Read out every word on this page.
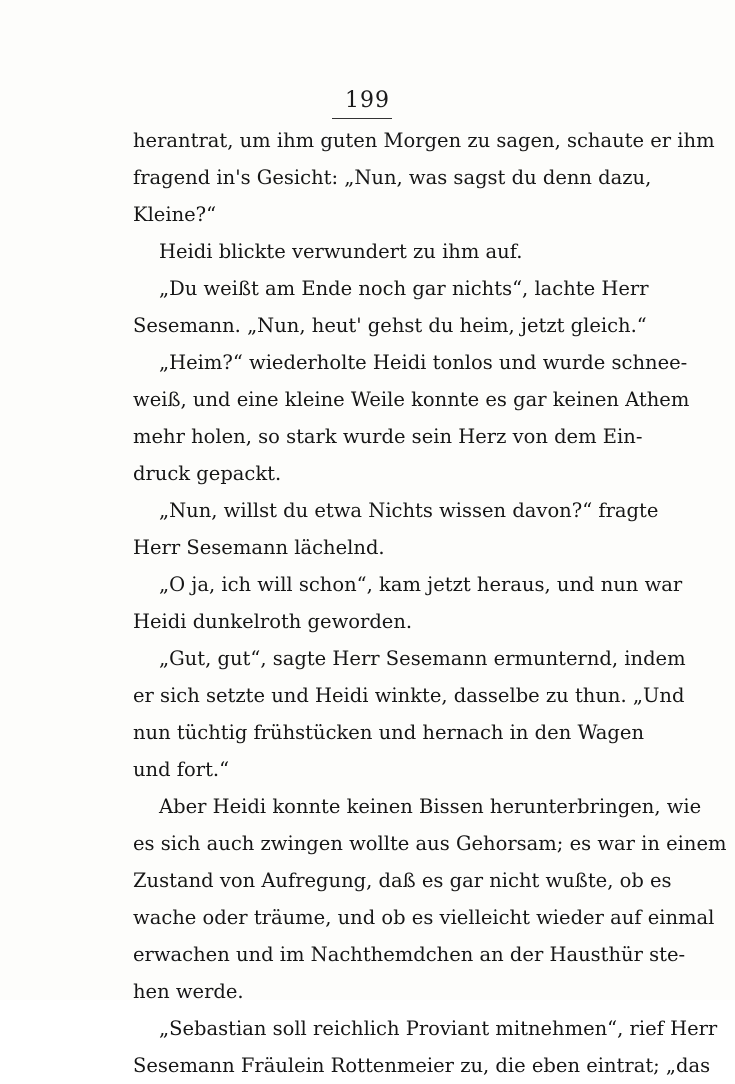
199
herantrat, um ihm guten Morgen zu sagen, schaute er ihm
fragend in's Gesicht: „Nun, was sagst du denn dazu,
Kleine?“
Heidi blickte verwundert zu ihm auf.
„Du weißt am Ende noch gar nichts“, lachte Herr
Sesemann. „Nun, heut' gehst du heim, jetzt gleich.“
„Heim?“ wiederholte Heidi tonlos und wurde schnee-
weiß, und eine kleine Weile konnte es gar keinen Athem
mehr holen, so stark wurde sein Herz von dem Ein-
druck gepackt.
„Nun, willst du etwa Nichts wissen davon?“ fragte
Herr Sesemann lächelnd.
„O ja, ich will schon“, kam jetzt heraus, und nun war
Heidi dunkelroth geworden.
„Gut, gut“, sagte Herr Sesemann ermunternd, indem
er sich setzte und Heidi winkte, dasselbe zu thun. „Und
nun tüchtig frühstücken und hernach in den Wagen
und fort.“
Aber Heidi konnte keinen Bissen herunterbringen, wie
es sich auch zwingen wollte aus Gehorsam; es war in einem
Zustand von Aufregung, daß es gar nicht wußte, ob es
wache oder träume, und ob es vielleicht wieder auf einmal
erwachen und im Nachthemdchen an der Hausthür ste-
hen werde.
„Sebastian soll reichlich Proviant mitnehmen“, rief Herr
Sesemann Fräulein Rottenmeier zu, die eben eintrat; „das
